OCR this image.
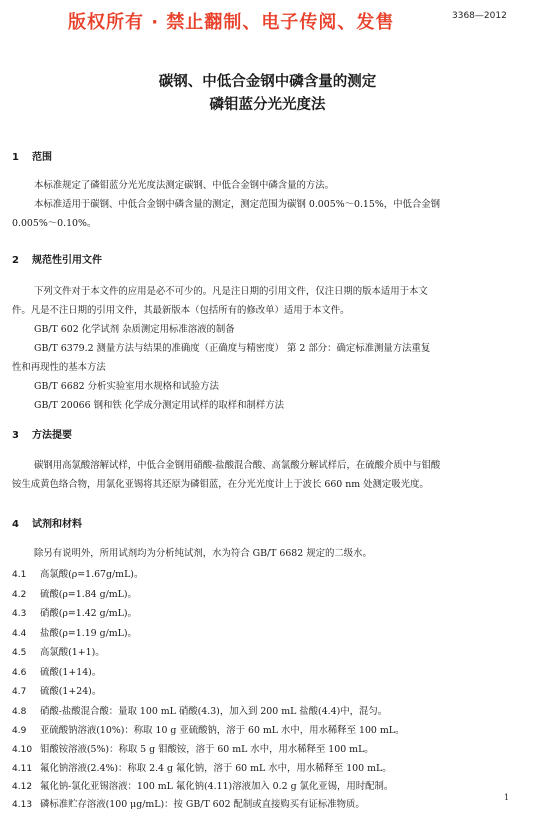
版权所有 · 禁止翻制、电子传阅、发售	3368—2012
碳钢、中低合金钢中磷含量的测定
磷钼蓝分光光度法
1 范围
本标准规定了磷钼蓝分光光度法测定碳钢、中低合金钢中磷含量的方法。
本标准适用于碳钢、中低合金钢中磷含量的测定，测定范围为碳钢 0.005%～0.15%，中低合金钢
0.005%～0.10%。
2 规范性引用文件
下列文件对于本文件的应用是必不可少的。凡是注日期的引用文件，仅注日期的版本适用于本文
件。凡是不注日期的引用文件，其最新版本（包括所有的修改单）适用于本文件。
GB/T 602 化学试剂 杂质测定用标准溶液的制备
GB/T 6379.2 测量方法与结果的准确度（正确度与精密度） 第 2 部分：确定标准测量方法重复
性和再现性的基本方法
GB/T 6682 分析实验室用水规格和试验方法
GB/T 20066 钢和铁 化学成分测定用试样的取样和制样方法
3 方法提要
碳钢用高氯酸溶解试样，中低合金钢用硝酸-盐酸混合酸、高氯酸分解试样后，在硫酸介质中与钼酸
铵生成黄色络合物，用氯化亚锡将其还原为磷钼蓝，在分光光度计上于波长 660 nm 处测定吸光度。
4 试剂和材料
除另有说明外，所用试剂均为分析纯试剂，水为符合 GB/T 6682 规定的二级水。
4.1 高氯酸(ρ=1.67g/mL)。
4.2 硫酸(ρ=1.84 g/mL)。
4.3 硝酸(ρ=1.42 g/mL)。
4.4 盐酸(ρ=1.19 g/mL)。
4.5 高氯酸(1+1)。
4.6 硫酸(1+14)。
4.7 硫酸(1+24)。
4.8 硝酸-盐酸混合酸：量取 100 mL 硝酸(4.3)，加入到 200 mL 盐酸(4.4)中，混匀。
4.9 亚硫酸钠溶液(10%)：称取 10 g 亚硫酸钠，溶于 60 mL 水中，用水稀释至 100 mL。
4.10 钼酸铵溶液(5%)：称取 5 g 钼酸铵，溶于 60 mL 水中，用水稀释至 100 mL。
4.11 氟化钠溶液(2.4%)：称取 2.4 g 氟化钠，溶于 60 mL 水中，用水稀释至 100 mL。
4.12 氟化钠-氯化亚锡溶液：100 mL 氟化钠(4.11)溶液加入 0.2 g 氯化亚锡，用时配制。
4.13 磷标准贮存溶液(100 μg/mL)：按 GB/T 602 配制或直接购买有证标准物质。
1
